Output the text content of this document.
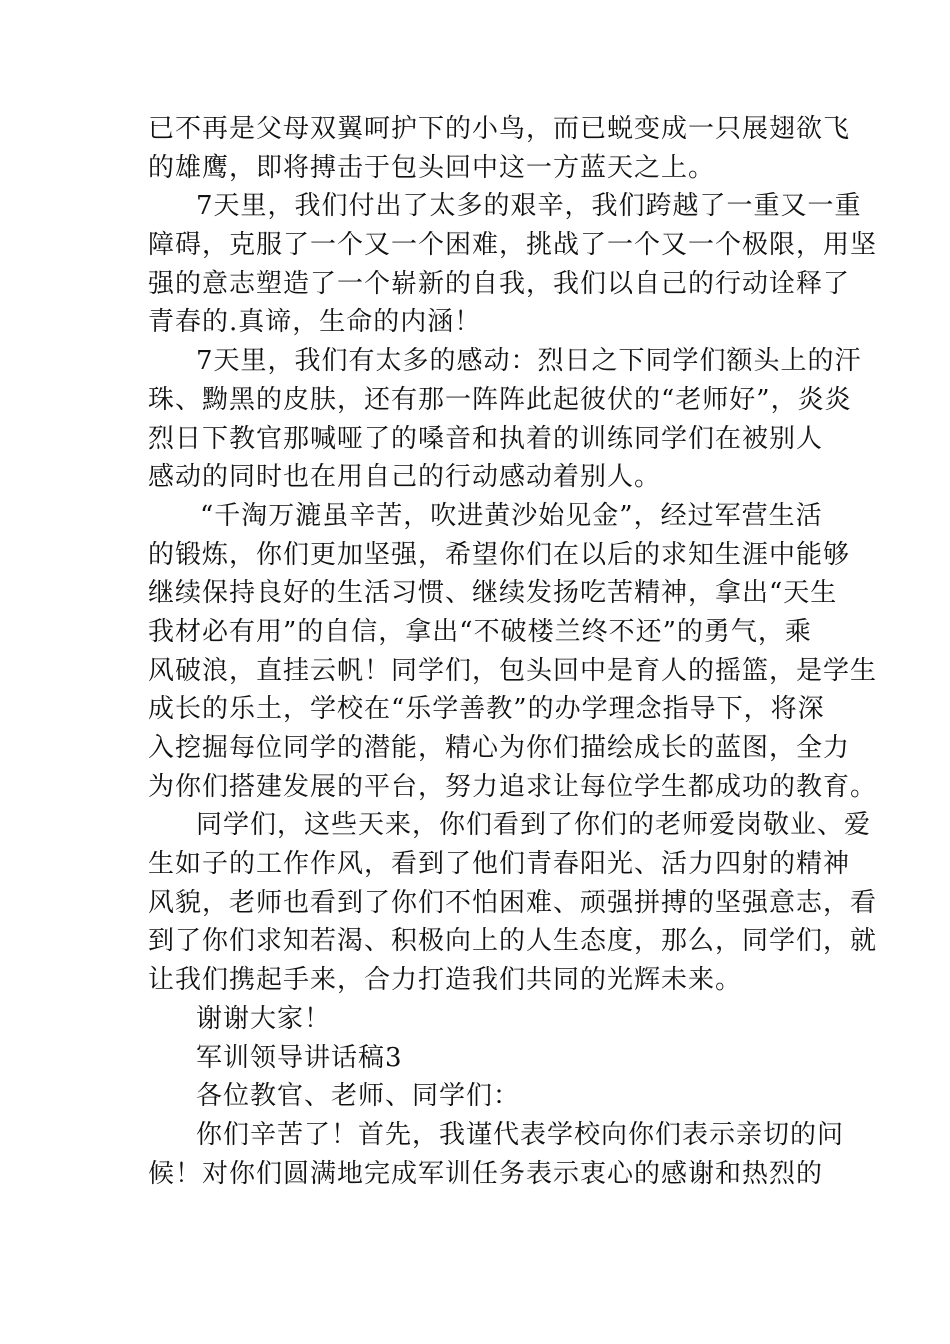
已不再是父母双翼呵护下的小鸟，而已蜕变成一只展翅欲飞
的雄鹰，即将搏击于包头回中这一方蓝天之上。
7天里，我们付出了太多的艰辛，我们跨越了一重又一重
障碍，克服了一个又一个困难，挑战了一个又一个极限，用坚
强的意志塑造了一个崭新的自我，我们以自己的行动诠释了
青春的.真谛，生命的内涵！
7天里，我们有太多的感动：烈日之下同学们额头上的汗
珠、黝黑的皮肤，还有那一阵阵此起彼伏的“老师好”，炎炎
烈日下教官那喊哑了的嗓音和执着的训练同学们在被别人
感动的同时也在用自己的行动感动着别人。
“千淘万漉虽辛苦，吹进黄沙始见金”，经过军营生活
的锻炼，你们更加坚强，希望你们在以后的求知生涯中能够
继续保持良好的生活习惯、继续发扬吃苦精神，拿出“天生
我材必有用”的自信，拿出“不破楼兰终不还”的勇气，乘
风破浪，直挂云帆！同学们，包头回中是育人的摇篮，是学生
成长的乐土，学校在“乐学善教”的办学理念指导下，将深
入挖掘每位同学的潜能，精心为你们描绘成长的蓝图，全力
为你们搭建发展的平台，努力追求让每位学生都成功的教育。
同学们，这些天来，你们看到了你们的老师爱岗敬业、爱
生如子的工作作风，看到了他们青春阳光、活力四射的精神
风貌，老师也看到了你们不怕困难、顽强拼搏的坚强意志，看
到了你们求知若渴、积极向上的人生态度，那么，同学们，就
让我们携起手来，合力打造我们共同的光辉未来。
谢谢大家！
军训领导讲话稿3
各位教官、老师、同学们：
你们辛苦了！首先，我谨代表学校向你们表示亲切的问
候！对你们圆满地完成军训任务表示衷心的感谢和热烈的
